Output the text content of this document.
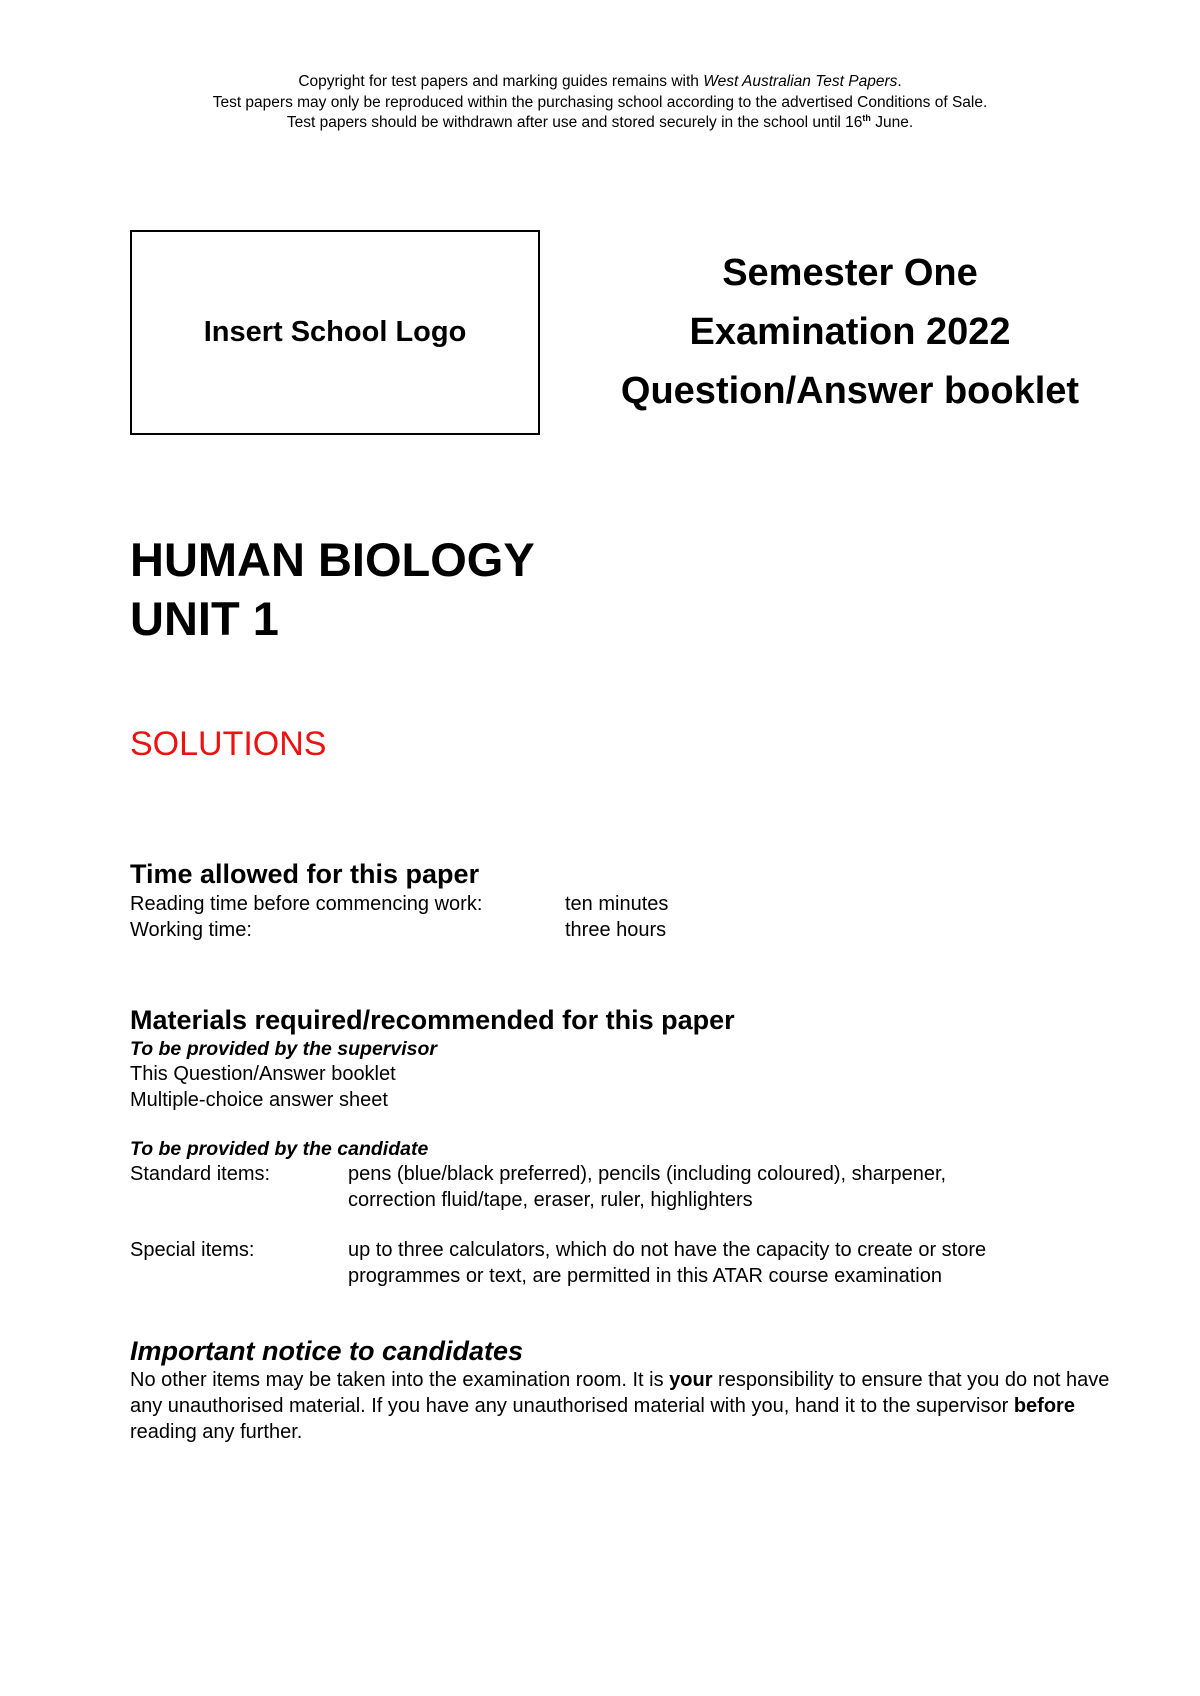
Copyright for test papers and marking guides remains with West Australian Test Papers.
Test papers may only be reproduced within the purchasing school according to the advertised Conditions of Sale.
Test papers should be withdrawn after use and stored securely in the school until 16th June.
Insert School Logo
Semester One
Examination 2022
Question/Answer booklet
HUMAN BIOLOGY
UNIT 1
SOLUTIONS
Time allowed for this paper
Reading time before commencing work:	ten minutes
Working time:	three hours
Materials required/recommended for this paper
To be provided by the supervisor
This Question/Answer booklet
Multiple-choice answer sheet
To be provided by the candidate
Standard items:	pens (blue/black preferred), pencils (including coloured), sharpener,
correction fluid/tape, eraser, ruler, highlighters
Special items:	up to three calculators, which do not have the capacity to create or store
programmes or text, are permitted in this ATAR course examination
Important notice to candidates
No other items may be taken into the examination room. It is your responsibility to ensure that you do not have any unauthorised material. If you have any unauthorised material with you, hand it to the supervisor before reading any further.
